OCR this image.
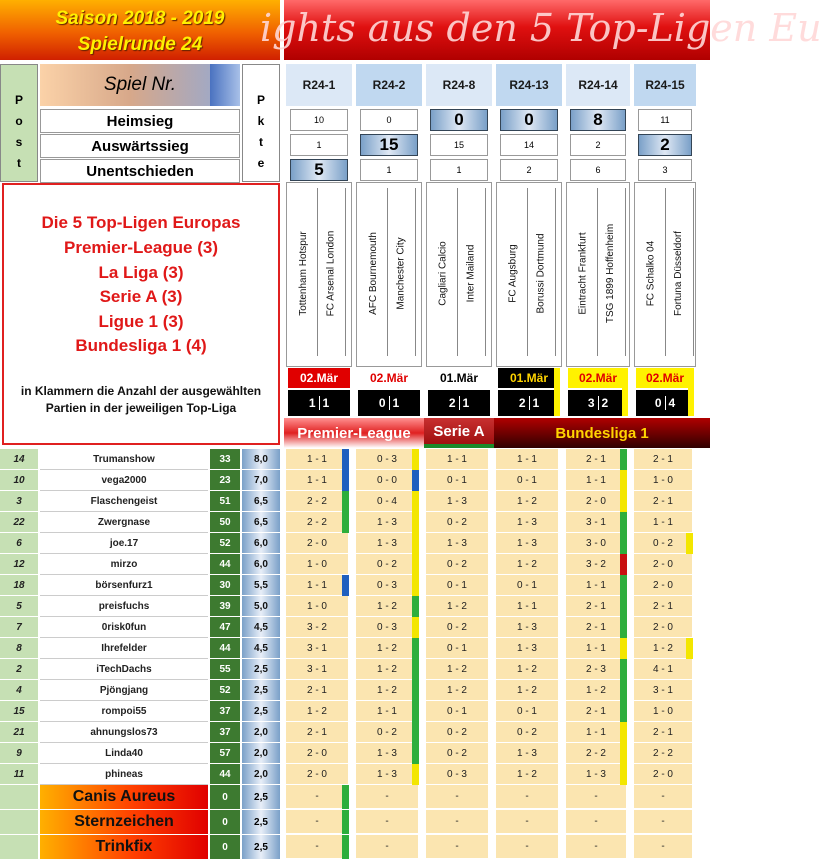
Saison 2018 - 2019
Spielrunde 24 ights aus den 5 Top-Ligen Eu
P
o
s
t
Spiel Nr.
P
k
t
e
Heimsieg
Auswärtssieg
Unentschieden
Die 5 Top-Ligen Europas
Premier-League (3)
La Liga (3)
Serie A (3)
Ligue 1 (3)
Bundesliga 1 (4)
in Klammern die Anzahl der ausgewählten
Partien in der jeweiligen Top-Liga
Premier-League	Serie A	Bundesliga 1
R24-1
10
1
5
Tottenham Hotspur FC Arsenal London
02.Mär
1 1
R24-2
0
15
1
AFC Bournemouth Manchester City
02.Mär
0 1
R24-8
0
15
1
Cagliari Calcio Inter Mailand
01.Mär
2 1
R24-13
0
14
2
FC Augsburg Borussi Dortmund
01.Mär
2 1
R24-14
8
2
6
Eintracht Frankfurt TSG 1899 Hoffenheim
02.Mär
3 2
R24-15
11
2
3
FC Schalko 04 Fortuna Düsseldorf
02.Mär
0 4
14	Trumanshow	33	8,0	1 - 1	0 - 3	1 - 1	1 - 1	2 - 1	2 - 1
10	vega2000	23	7,0	1 - 1	0 - 0	0 - 1	0 - 1	1 - 1	1 - 0
3	Flaschengeist	51	6,5	2 - 2	0 - 4	1 - 3	1 - 2	2 - 0	2 - 1
22	Zwergnase	50	6,5	2 - 2	1 - 3	0 - 2	1 - 3	3 - 1	1 - 1
6	joe.17	52	6,0	2 - 0	1 - 3	1 - 3	1 - 3	3 - 0	0 - 2
12	mirzo	44	6,0	1 - 0	0 - 2	0 - 2	1 - 2	3 - 2	2 - 0
18	börsenfurz1	30	5,5	1 - 1	0 - 3	0 - 1	0 - 1	1 - 1	2 - 0
5	preisfuchs	39	5,0	1 - 0	1 - 2	1 - 2	1 - 1	2 - 1	2 - 1
7	0risk0fun	47	4,5	3 - 2	0 - 3	0 - 2	1 - 3	2 - 1	2 - 0
8	Ihrefelder	44	4,5	3 - 1	1 - 2	0 - 1	1 - 3	1 - 1	1 - 2
2	iTechDachs	55	2,5	3 - 1	1 - 2	1 - 2	1 - 2	2 - 3	4 - 1
4	Pjöngjang	52	2,5	2 - 1	1 - 2	1 - 2	1 - 2	1 - 2	3 - 1
15	rompoi55	37	2,5	1 - 2	1 - 1	0 - 1	0 - 1	2 - 1	1 - 0
21	ahnungslos73	37	2,0	2 - 1	0 - 2	0 - 2	0 - 2	1 - 1	2 - 1
9	Linda40	57	2,0	2 - 0	1 - 3	0 - 2	1 - 3	2 - 2	2 - 2
11	phineas	44	2,0	2 - 0	1 - 3	0 - 3	1 - 2	1 - 3	2 - 0
Canis Aureus	0	2,5	-	-	-	-	-	-
Sternzeichen	0	2,5	-	-	-	-	-	-
Trinkfix	0	2,5	-	-	-	-	-	-
